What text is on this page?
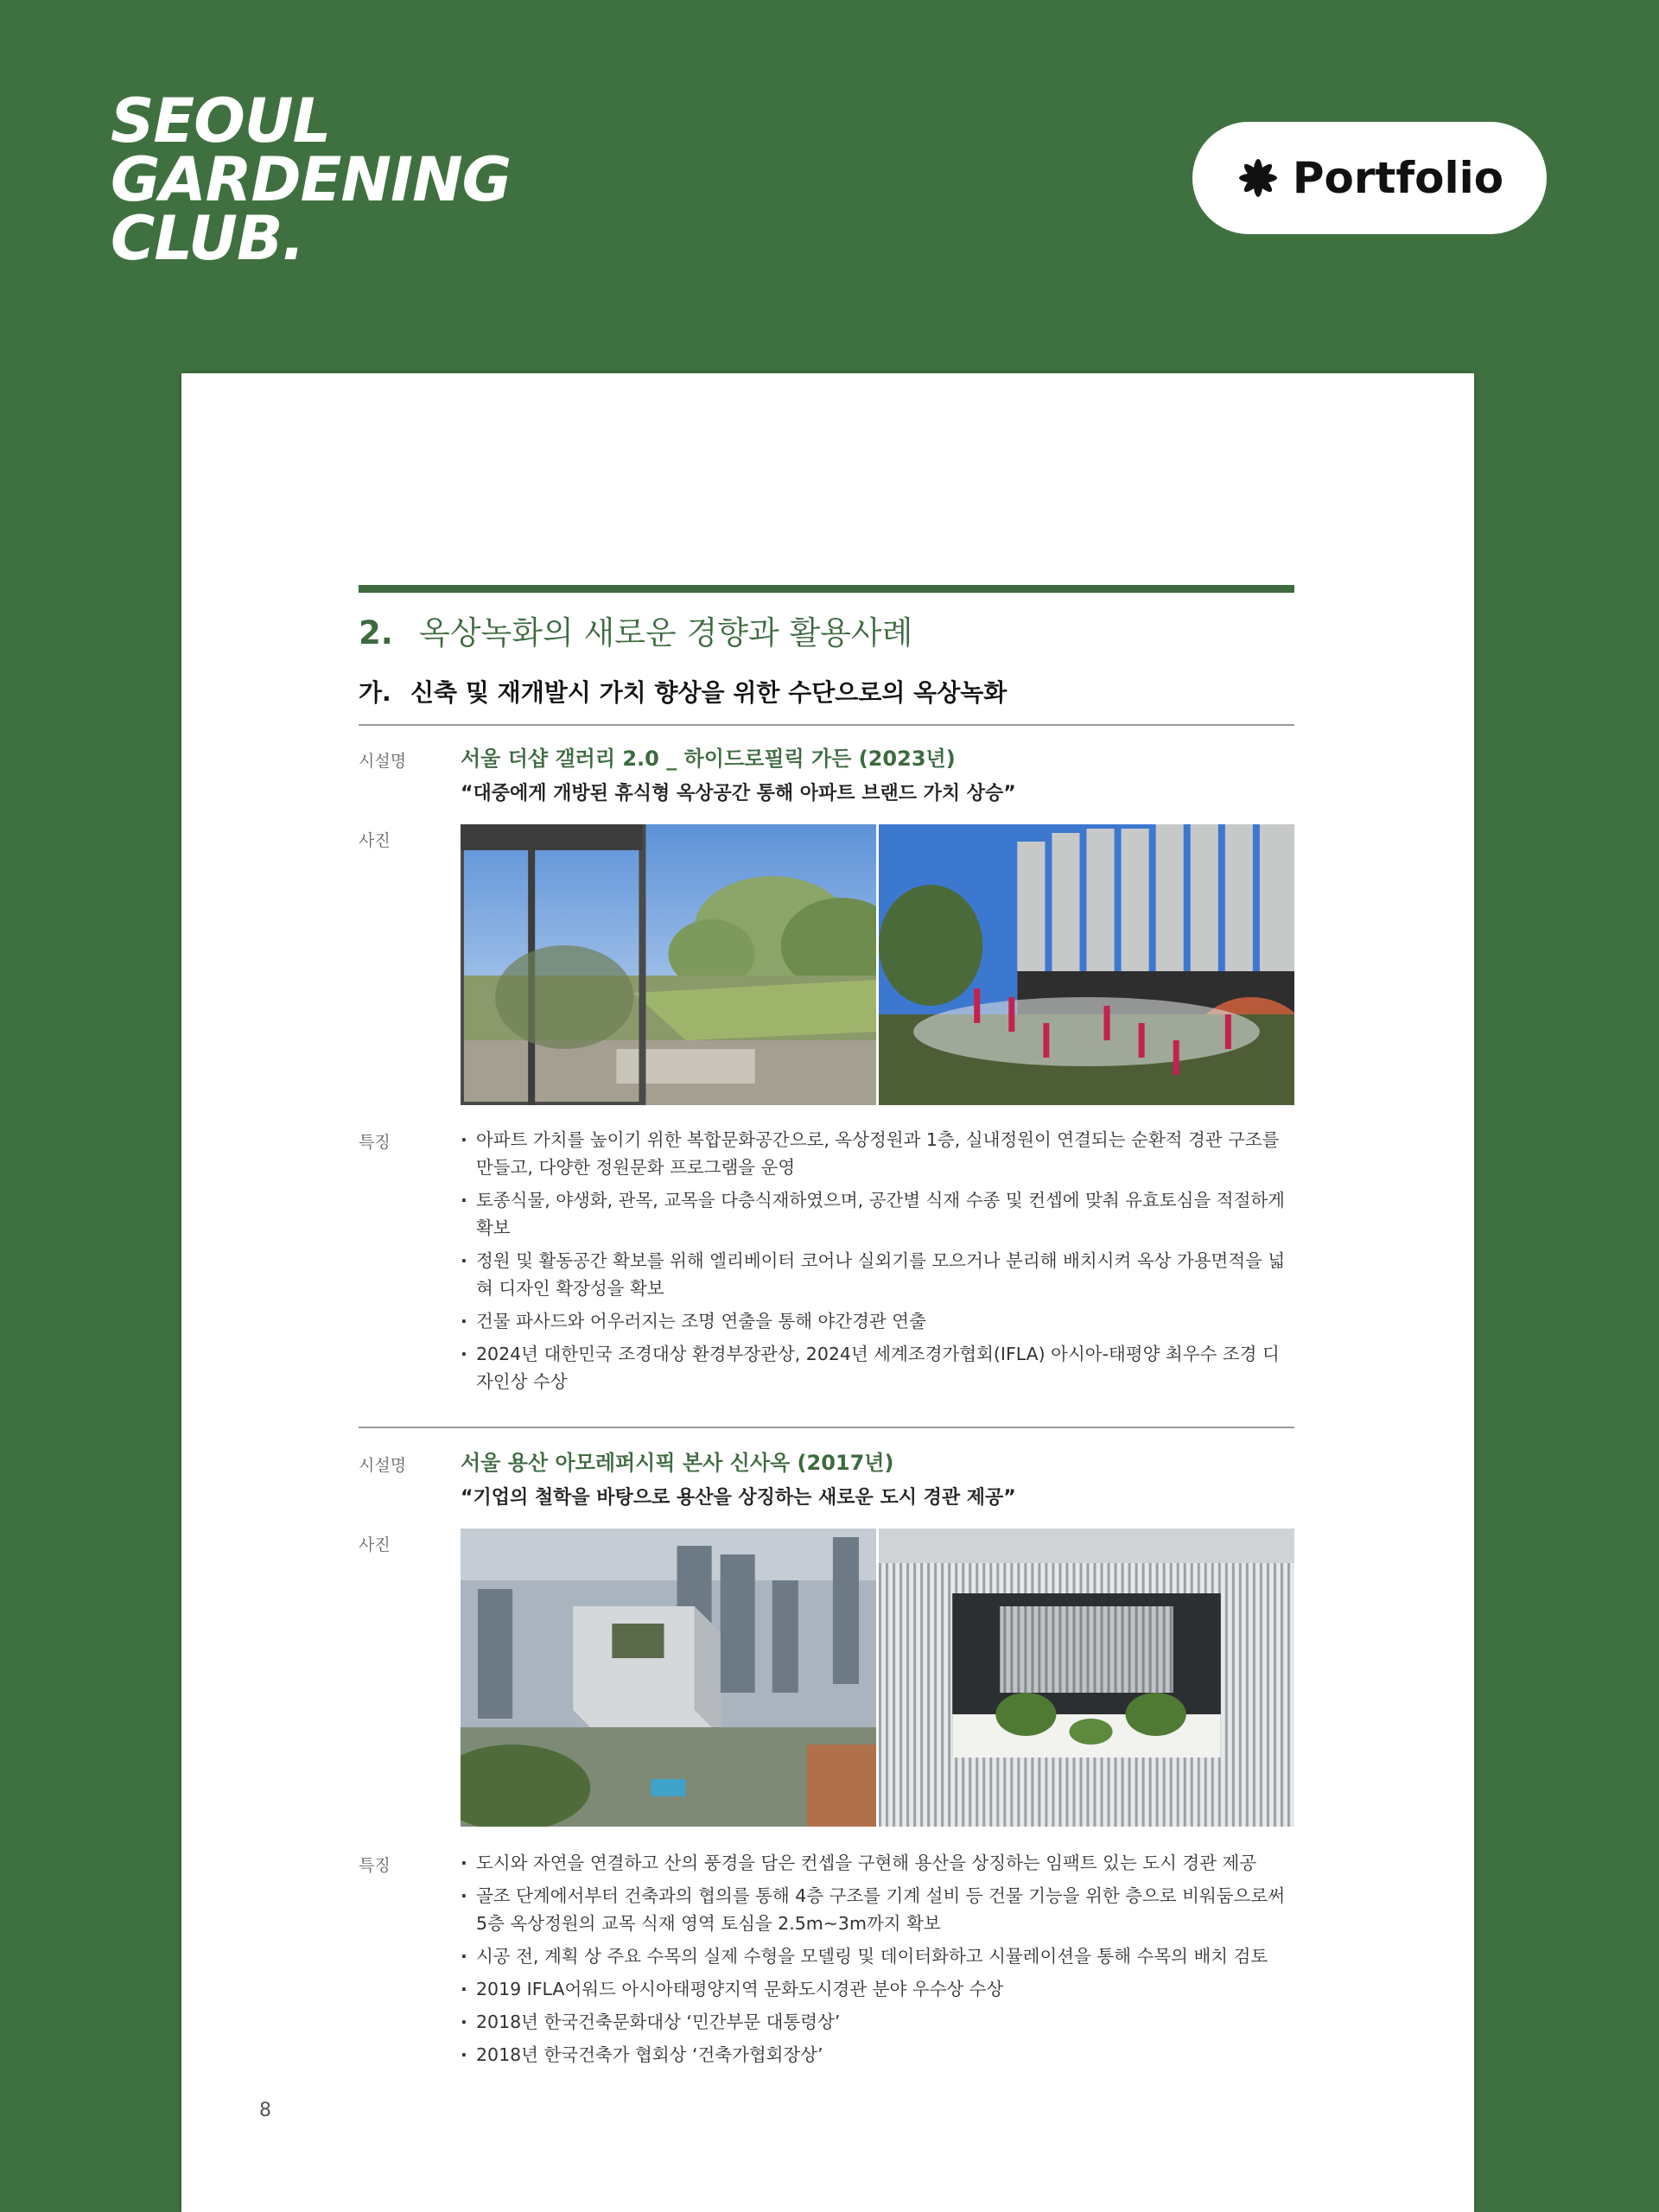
SEOUL
GARDENING
CLUB.
Portfolio
2. 옥상녹화의 새로운 경향과 활용사례
가. 신축 및 재개발시 가치 향상을 위한 수단으로의 옥상녹화
시설명	서울 더샵 갤러리 2.0 _ 하이드로필릭 가든 (2023년)
“대중에게 개방된 휴식형 옥상공간 통해 아파트 브랜드 가치 상승”
사진
특징	· 아파트 가치를 높이기 위한 복합문화공간으로, 옥상정원과 1층, 실내정원이 연결되는 순환적 경관 구조를 만들고, 다양한 정원문화 프로그램을 운영
· 토종식물, 야생화, 관목, 교목을 다층식재하였으며, 공간별 식재 수종 및 컨셉에 맞춰 유효토심을 적절하게 확보
· 정원 및 활동공간 확보를 위해 엘리베이터 코어나 실외기를 모으거나 분리해 배치시켜 옥상 가용면적을 넓혀 디자인 확장성을 확보
· 건물 파사드와 어우러지는 조명 연출을 통해 야간경관 연출
· 2024년 대한민국 조경대상 환경부장관상, 2024년 세계조경가협회(IFLA) 아시아-태평양 최우수 조경 디자인상 수상
시설명	서울 용산 아모레퍼시픽 본사 신사옥 (2017년)
“기업의 철학을 바탕으로 용산을 상징하는 새로운 도시 경관 제공”
사진
특징	· 도시와 자연을 연결하고 산의 풍경을 담은 컨셉을 구현해 용산을 상징하는 임팩트 있는 도시 경관 제공
· 골조 단계에서부터 건축과의 협의를 통해 4층 구조를 기계 설비 등 건물 기능을 위한 층으로 비워둠으로써 5층 옥상정원의 교목 식재 영역 토심을 2.5m~3m까지 확보
· 시공 전, 계획 상 주요 수목의 실제 수형을 모델링 및 데이터화하고 시뮬레이션을 통해 수목의 배치 검토
· 2019 IFLA어워드 아시아태평양지역 문화도시경관 분야 우수상 수상
· 2018년 한국건축문화대상 ‘민간부문 대통령상’
· 2018년 한국건축가 협회상 ‘건축가협회장상’
8
